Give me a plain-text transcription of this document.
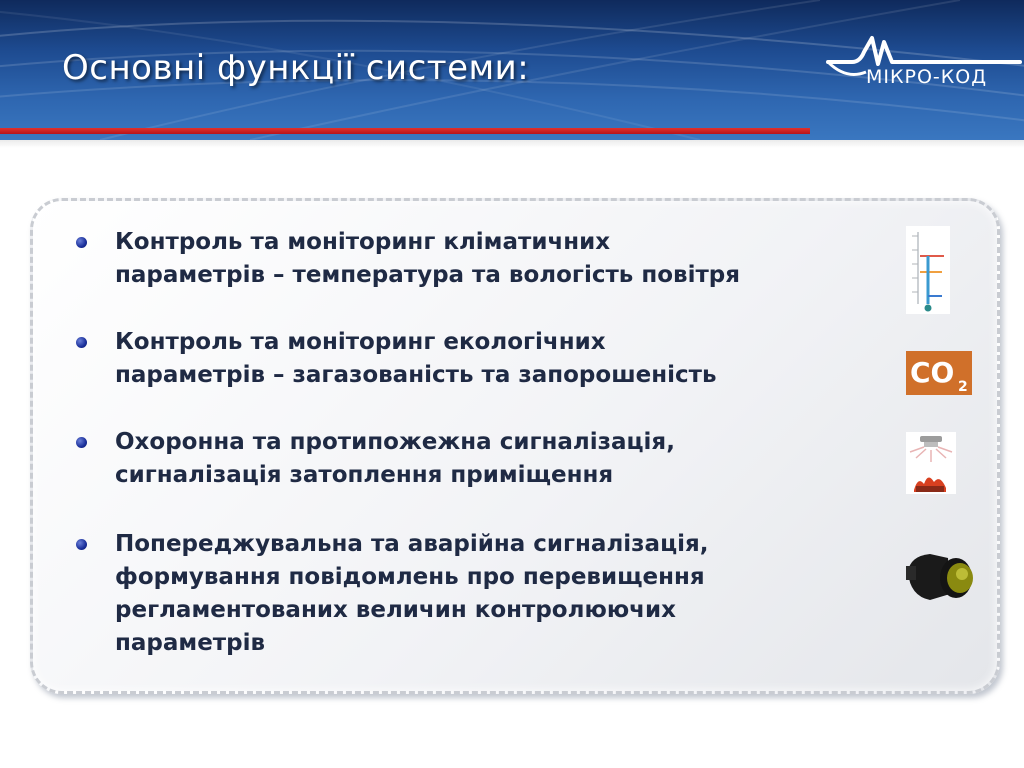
Основні функції системи:	МІКРО-КОД
Контроль та моніторинг кліматичних
параметрів – температура та вологість повітря
Контроль та моніторинг екологічних
параметрів – загазованість та запорошеність
Охоронна та протипожежна сигналізація,
сигналізація затоплення приміщення
Попереджувальна та аварійна сигналізація,
формування повідомлень про перевищення
регламентованих величин контролюючих
параметрів
CO 2
